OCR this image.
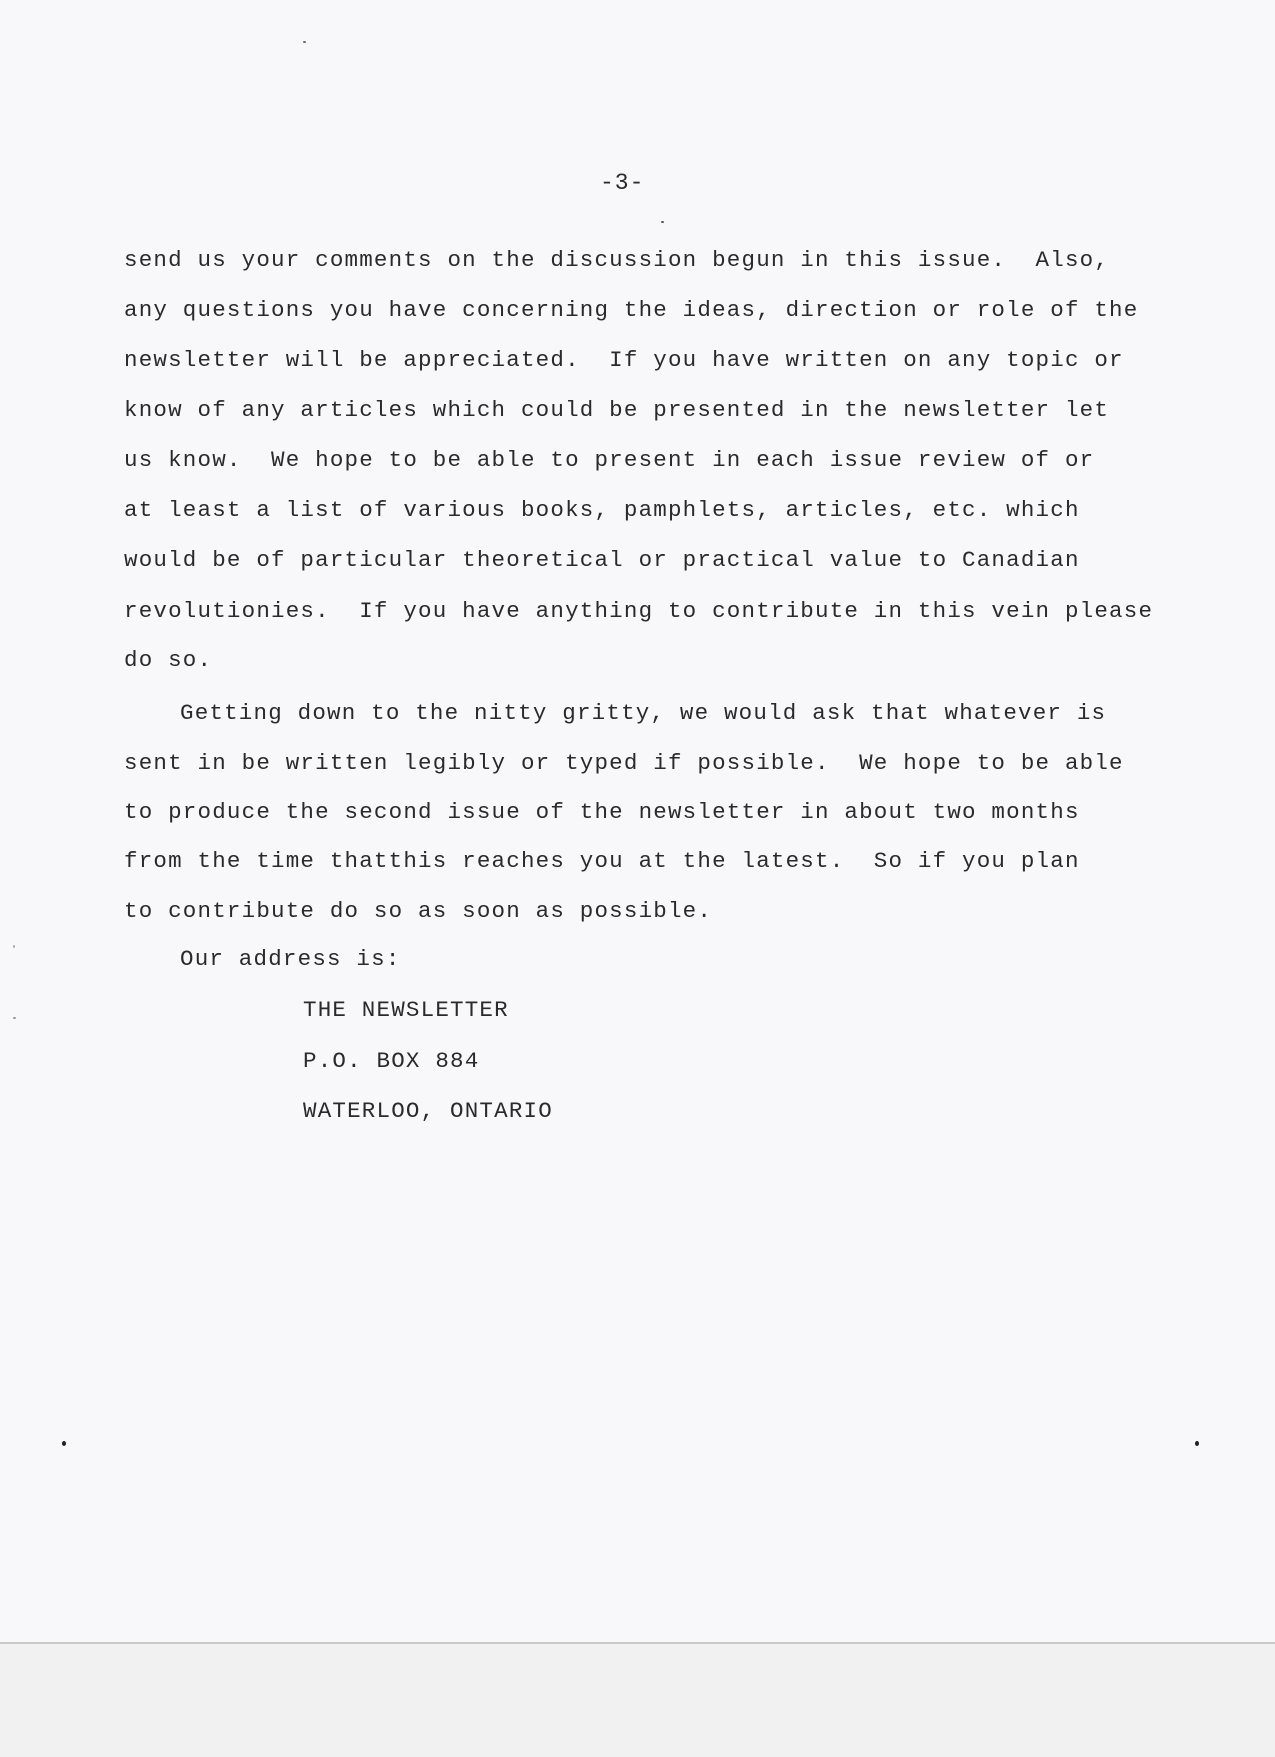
-3-
send us your comments on the discussion begun in this issue.  Also,
any questions you have concerning the ideas, direction or role of the
newsletter will be appreciated.  If you have written on any topic or
know of any articles which could be presented in the newsletter let
us know.  We hope to be able to present in each issue review of or
at least a list of various books, pamphlets, articles, etc. which
would be of particular theoretical or practical value to Canadian
revolutionies.  If you have anything to contribute in this vein please
do so.
Getting down to the nitty gritty, we would ask that whatever is
sent in be written legibly or typed if possible.  We hope to be able
to produce the second issue of the newsletter in about two months
from the time thatthis reaches you at the latest.  So if you plan
to contribute do so as soon as possible.
Our address is:
THE NEWSLETTER
P.O. BOX 884
WATERLOO, ONTARIO
